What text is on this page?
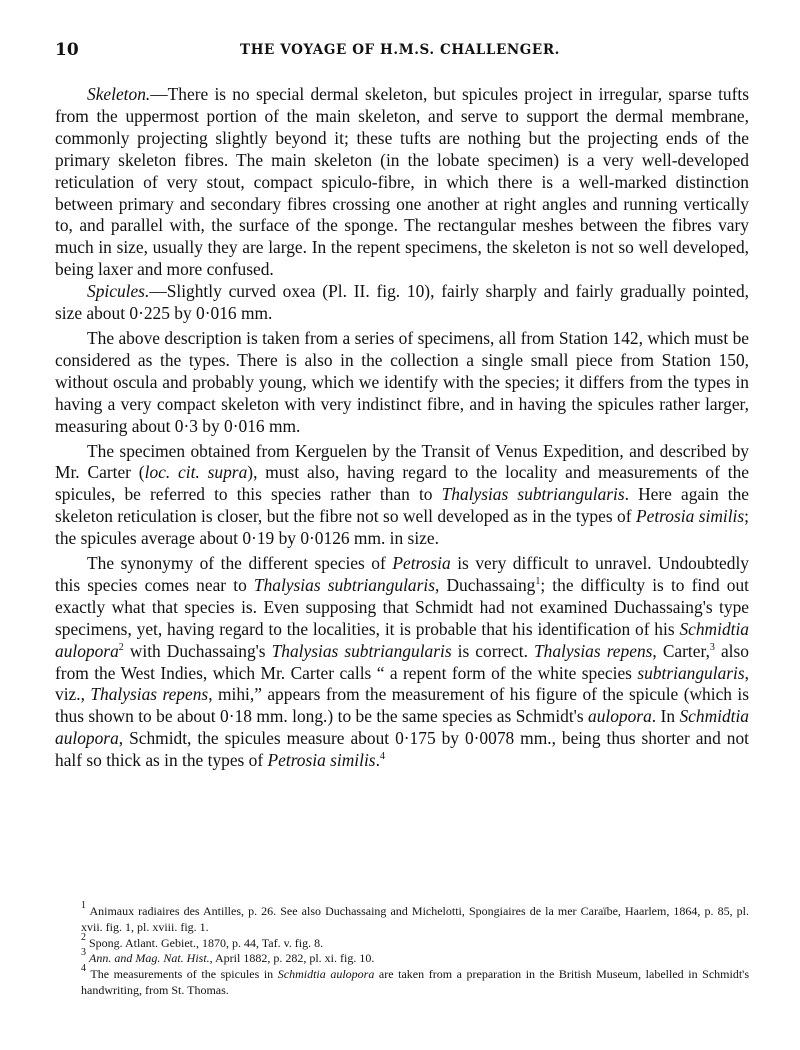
10	THE VOYAGE OF H.M.S. CHALLENGER.

Skeleton.—There is no special dermal skeleton, but spicules project in irregular, sparse tufts from the uppermost portion of the main skeleton, and serve to support the dermal membrane, commonly projecting slightly beyond it; these tufts are nothing but the projecting ends of the primary skeleton fibres. The main skeleton (in the lobate specimen) is a very well-developed reticulation of very stout, compact spiculo-fibre, in which there is a well-marked distinction between primary and secondary fibres crossing one another at right angles and running vertically to, and parallel with, the surface of the sponge. The rectangular meshes between the fibres vary much in size, usually they are large. In the repent specimens, the skeleton is not so well developed, being laxer and more confused.

Spicules.—Slightly curved oxea (Pl. II. fig. 10), fairly sharply and fairly gradually pointed, size about 0·225 by 0·016 mm.

The above description is taken from a series of specimens, all from Station 142, which must be considered as the types. There is also in the collection a single small piece from Station 150, without oscula and probably young, which we identify with the species; it differs from the types in having a very compact skeleton with very indistinct fibre, and in having the spicules rather larger, measuring about 0·3 by 0·016 mm.

The specimen obtained from Kerguelen by the Transit of Venus Expedition, and described by Mr. Carter (loc. cit. supra), must also, having regard to the locality and measurements of the spicules, be referred to this species rather than to Thalysias subtriangularis. Here again the skeleton reticulation is closer, but the fibre not so well developed as in the types of Petrosia similis; the spicules average about 0·19 by 0·0126 mm. in size.

The synonymy of the different species of Petrosia is very difficult to unravel. Undoubtedly this species comes near to Thalysias subtriangularis, Duchassaing$^1$; the difficulty is to find out exactly what that species is. Even supposing that Schmidt had not examined Duchassaing's type specimens, yet, having regard to the localities, it is probable that his identification of his Schmidtia aulopora$^2$ with Duchassaing's Thalysias subtriangularis is correct. Thalysias repens, Carter,$^3$ also from the West Indies, which Mr. Carter calls “ a repent form of the white species subtriangularis, viz., Thalysias repens, mihi,” appears from the measurement of his figure of the spicule (which is thus shown to be about 0·18 mm. long.) to be the same species as Schmidt's aulopora. In Schmidtia aulopora, Schmidt, the spicules measure about 0·175 by 0·0078 mm., being thus shorter and not half so thick as in the types of Petrosia similis.$^4$

$^1$ Animaux radiaires des Antilles, p. 26. See also Duchassaing and Michelotti, Spongiaires de la mer Caraïbe, Haarlem, 1864, p. 85, pl. xvii. fig. 1, pl. xviii. fig. 1.

$^2$ Spong. Atlant. Gebiet., 1870, p. 44, Taf. v. fig. 8.

$^3$ Ann. and Mag. Nat. Hist., April 1882, p. 282, pl. xi. fig. 10.

$^4$ The measurements of the spicules in Schmidtia aulopora are taken from a preparation in the British Museum, labelled in Schmidt's handwriting, from St. Thomas.
